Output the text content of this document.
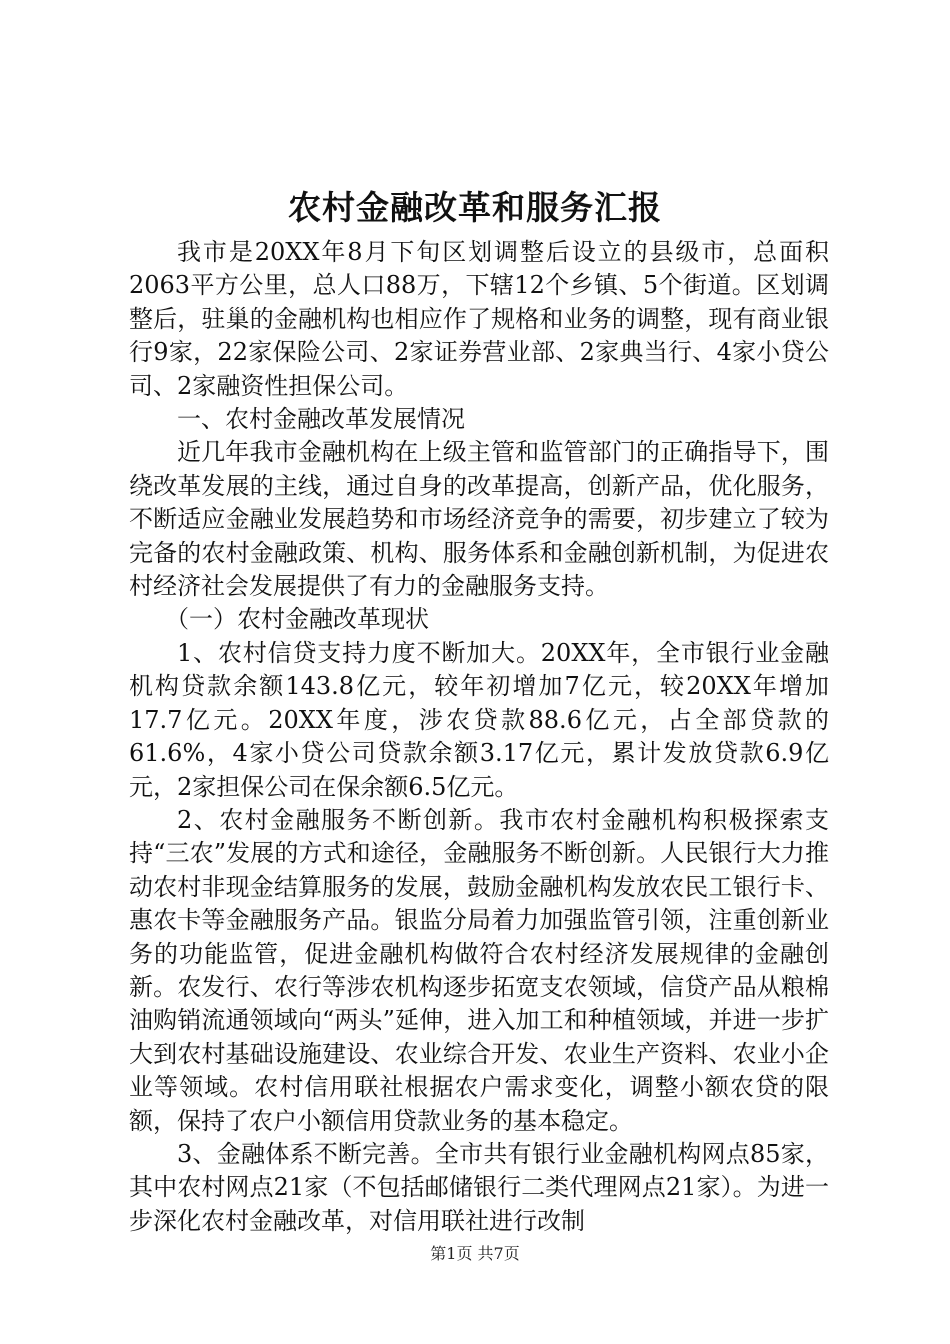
农村金融改革和服务汇报

我市是20XX年8月下旬区划调整后设立的县级市，总面积2063平方公里，总人口88万，下辖12个乡镇、5个街道。区划调整后，驻巢的金融机构也相应作了规格和业务的调整，现有商业银行9家，22家保险公司、2家证券营业部、2家典当行、4家小贷公司、2家融资性担保公司。

一、农村金融改革发展情况

近几年我市金融机构在上级主管和监管部门的正确指导下，围绕改革发展的主线，通过自身的改革提高，创新产品，优化服务，不断适应金融业发展趋势和市场经济竞争的需要，初步建立了较为完备的农村金融政策、机构、服务体系和金融创新机制，为促进农村经济社会发展提供了有力的金融服务支持。

（一）农村金融改革现状

1、农村信贷支持力度不断加大。20XX年，全市银行业金融机构贷款余额143.8亿元，较年初增加7亿元，较20XX年增加17.7亿元。20XX年度，涉农贷款88.6亿元，占全部贷款的61.6%，4家小贷公司贷款余额3.17亿元，累计发放贷款6.9亿元，2家担保公司在保余额6.5亿元。

2、农村金融服务不断创新。我市农村金融机构积极探索支持“三农”发展的方式和途径，金融服务不断创新。人民银行大力推动农村非现金结算服务的发展，鼓励金融机构发放农民工银行卡、惠农卡等金融服务产品。银监分局着力加强监管引领，注重创新业务的功能监管，促进金融机构做符合农村经济发展规律的金融创新。农发行、农行等涉农机构逐步拓宽支农领域，信贷产品从粮棉油购销流通领域向“两头”延伸，进入加工和种植领域，并进一步扩大到农村基础设施建设、农业综合开发、农业生产资料、农业小企业等领域。农村信用联社根据农户需求变化，调整小额农贷的限额，保持了农户小额信用贷款业务的基本稳定。

3、金融体系不断完善。全市共有银行业金融机构网点85家，其中农村网点21家（不包括邮储银行二类代理网点21家）。为进一步深化农村金融改革，对信用联社进行改制

第1页 共7页
